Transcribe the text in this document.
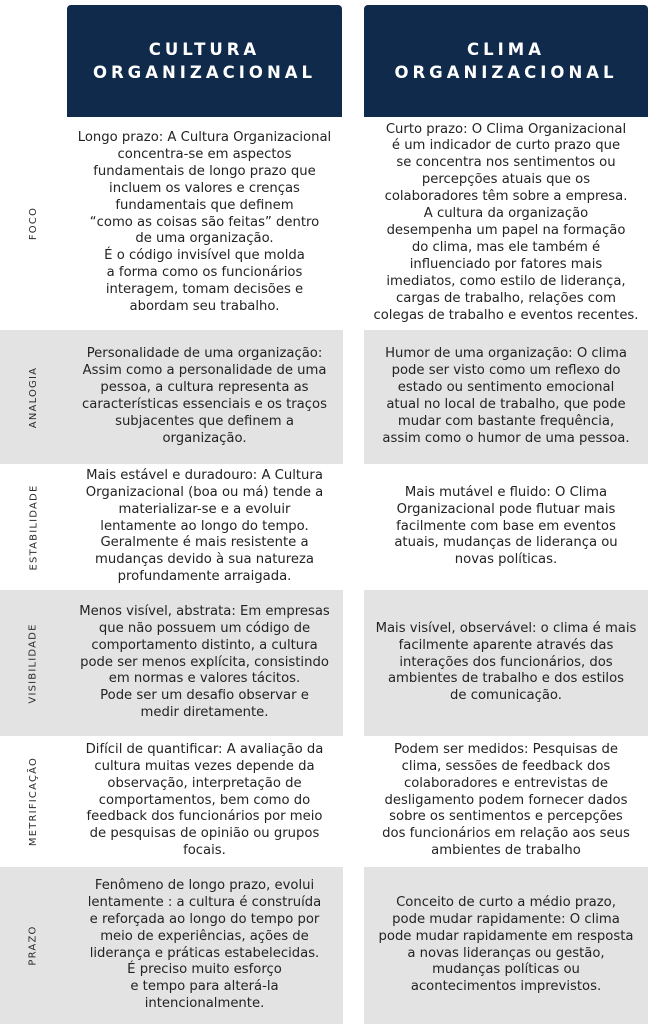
CULTURA
ORGANIZACIONAL
CLIMA
ORGANIZACIONAL
FOCO

Longo prazo: A Cultura Organizacional
concentra-se em aspectos
fundamentais de longo prazo que
incluem os valores e crenças
fundamentais que definem
“como as coisas são feitas” dentro
de uma organização.
É o código invisível que molda
a forma como os funcionários
interagem, tomam decisões e
abordam seu trabalho.

Curto prazo: O Clima Organizacional
é um indicador de curto prazo que
se concentra nos sentimentos ou
percepções atuais que os
colaboradores têm sobre a empresa.
A cultura da organização
desempenha um papel na formação
do clima, mas ele também é
influenciado por fatores mais
imediatos, como estilo de liderança,
cargas de trabalho, relações com
colegas de trabalho e eventos recentes.

ANALOGIA

Personalidade de uma organização:
Assim como a personalidade de uma
pessoa, a cultura representa as
características essenciais e os traços
subjacentes que definem a
organização.

Humor de uma organização: O clima
pode ser visto como um reflexo do
estado ou sentimento emocional
atual no local de trabalho, que pode
mudar com bastante frequência,
assim como o humor de uma pessoa.

ESTABILIDADE

Mais estável e duradouro: A Cultura
Organizacional (boa ou má) tende a
materializar-se e a evoluir
lentamente ao longo do tempo.
Geralmente é mais resistente a
mudanças devido à sua natureza
profundamente arraigada.

Mais mutável e fluido: O Clima
Organizacional pode flutuar mais
facilmente com base em eventos
atuais, mudanças de liderança ou
novas políticas.

VISIBILIDADE

Menos visível, abstrata: Em empresas
que não possuem um código de
comportamento distinto, a cultura
pode ser menos explícita, consistindo
em normas e valores tácitos.
Pode ser um desafio observar e
medir diretamente.

Mais visível, observável: o clima é mais
facilmente aparente através das
interações dos funcionários, dos
ambientes de trabalho e dos estilos
de comunicação.

METRIFICAÇÃO

Difícil de quantificar: A avaliação da
cultura muitas vezes depende da
observação, interpretação de
comportamentos, bem como do
feedback dos funcionários por meio
de pesquisas de opinião ou grupos
focais.

Podem ser medidos: Pesquisas de
clima, sessões de feedback dos
colaboradores e entrevistas de
desligamento podem fornecer dados
sobre os sentimentos e percepções
dos funcionários em relação aos seus
ambientes de trabalho

PRAZO

Fenômeno de longo prazo, evolui
lentamente : a cultura é construída
e reforçada ao longo do tempo por
meio de experiências, ações de
liderança e práticas estabelecidas.
É preciso muito esforço
e tempo para alterá-la
intencionalmente.

Conceito de curto a médio prazo,
pode mudar rapidamente: O clima
pode mudar rapidamente em resposta
a novas lideranças ou gestão,
mudanças políticas ou
acontecimentos imprevistos.
